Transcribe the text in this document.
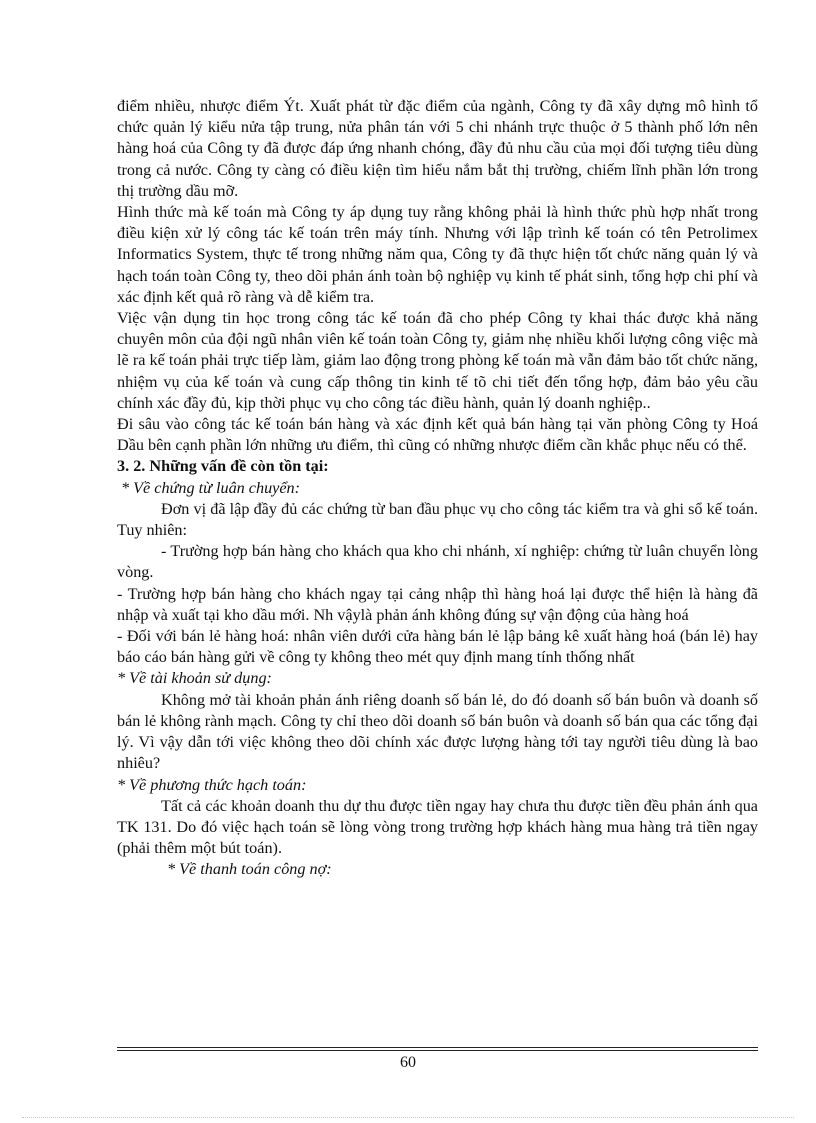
điểm nhiều, nhược điểm Ýt. Xuất phát từ đặc điểm của ngành, Công ty đã xây dựng mô hình tổ chức quản lý kiểu nửa tập trung, nửa phân tán với 5 chi nhánh trực thuộc ở 5 thành phố lớn nên hàng hoá của Công ty đã được đáp ứng nhanh chóng, đầy đủ nhu cầu của mọi đối tượng tiêu dùng trong cả nước. Công ty càng có điều kiện tìm hiểu nắm bắt thị trường, chiếm lĩnh phần lớn trong thị trường dầu mỡ.

Hình thức mà kế toán mà Công ty áp dụng tuy rằng không phải là hình thức phù hợp nhất trong điều kiện xử lý công tác kế toán trên máy tính. Nhưng với lập trình kế toán có tên Petrolimex Informatics System, thực tế trong những năm qua, Công ty đã thực hiện tốt chức năng quản lý và hạch toán toàn Công ty, theo dõi phản ánh toàn bộ nghiệp vụ kinh tế phát sinh, tổng hợp chi phí và xác định kết quả rõ ràng và dễ kiểm tra.

Việc vận dụng tin học trong công tác kế toán đã cho phép Công ty khai thác được khả năng chuyên môn của đội ngũ nhân viên kế toán toàn Công ty, giảm nhẹ nhiều khối lượng công việc mà lẽ ra kế toán phải trực tiếp làm, giảm lao động trong phòng kế toán mà vẫn đảm bảo tốt chức năng, nhiệm vụ của kế toán và cung cấp thông tin kinh tế tõ chi tiết đến tổng hợp, đảm bảo yêu cầu chính xác đầy đủ, kịp thời phục vụ cho công tác điều hành, quản lý doanh nghiệp..

Đi sâu vào công tác kế toán bán hàng và xác định kết quả bán hàng tại văn phòng Công ty Hoá Dầu bên cạnh phần lớn những ưu điểm, thì cũng có những nhược điểm cần khắc phục nếu có thể.

3. 2. Những vấn đề còn tồn tại:

* Về chứng từ luân chuyển:

Đơn vị đã lập đầy đủ các chứng từ ban đầu phục vụ cho công tác kiểm tra và ghi sổ kế toán. Tuy nhiên:

- Trường hợp bán hàng cho khách qua kho chi nhánh, xí nghiệp: chứng từ luân chuyển lòng vòng.

- Trường hợp bán hàng cho khách ngay tại cảng nhập thì hàng hoá lại được thể hiện là hàng đã nhập và xuất tại kho dầu mới. Nh vậylà phản ánh không đúng sự vận động của hàng hoá

- Đối với bán lẻ hàng hoá: nhân viên dưới cửa hàng bán lẻ lập bảng kê xuất hàng hoá (bán lẻ) hay báo cáo bán hàng gửi về công ty không theo mét quy định mang tính thống nhất

* Về tài khoản sử dụng:

Không mở tài khoản phản ánh riêng doanh số bán lẻ, do đó doanh số bán buôn và doanh số bán lẻ không rành mạch. Công ty chỉ theo dõi doanh số bán buôn và doanh số bán qua các tổng đại lý. Vì vậy dẫn tới việc không theo dõi chính xác được lượng hàng tới tay người tiêu dùng là bao nhiêu?

* Về phương thức hạch toán:

Tất cả các khoản doanh thu dự thu được tiền ngay hay chưa thu được tiền đều phản ánh qua TK 131. Do đó việc hạch toán sẽ lòng vòng trong trường hợp khách hàng mua hàng trả tiền ngay (phải thêm một bút toán).

* Về thanh toán công nợ:

60
